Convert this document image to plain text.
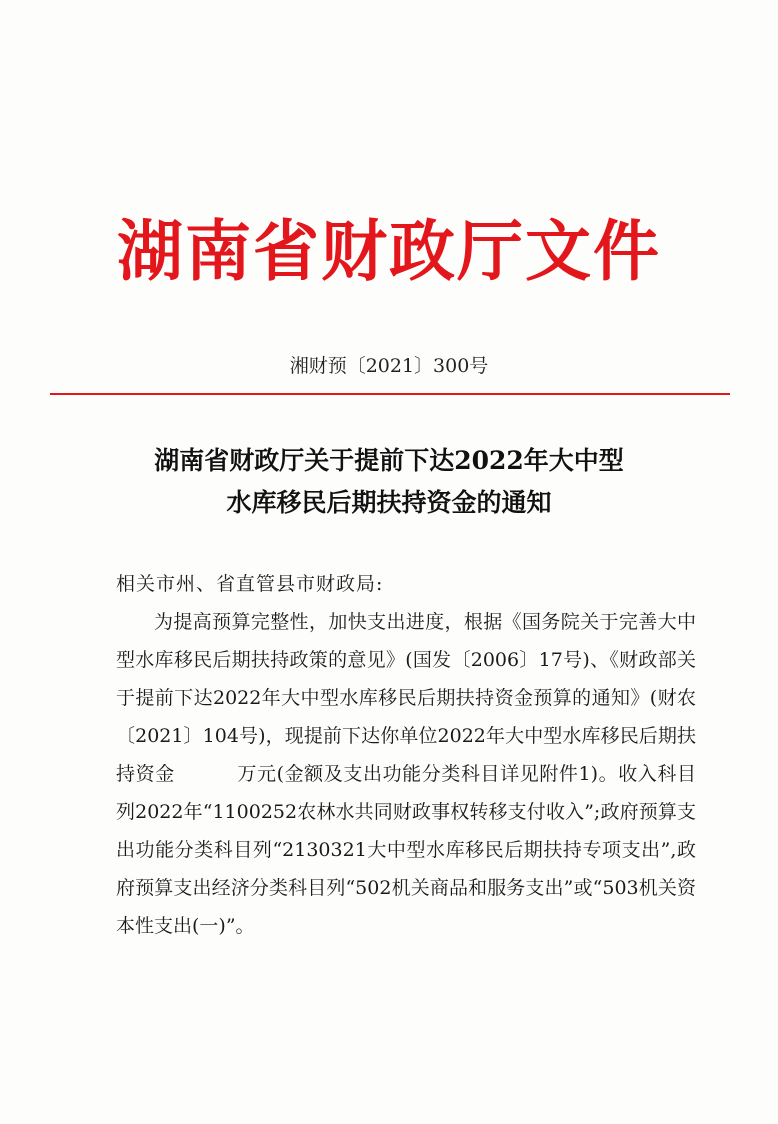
湖南省财政厅文件
湘财预〔2021〕300号
湖南省财政厅关于提前下达2022年大中型
水库移民后期扶持资金的通知

相关市州、省直管县市财政局:

为提高预算完整性，加快支出进度，根据《国务院关于完善大中型水库移民后期扶持政策的意见》(国发〔2006〕17号)、《财政部关于提前下达2022年大中型水库移民后期扶持资金预算的通知》(财农〔2021〕104号)，现提前下达你单位2022年大中型水库移民后期扶持资金	万元(金额及支出功能分类科目详见附件1)。收入科目列2022年“1100252农林水共同财政事权转移支付收入”;政府预算支出功能分类科目列“2130321大中型水库移民后期扶持专项支出”,政府预算支出经济分类科目列“502机关商品和服务支出”或“503机关资本性支出(一)”。
